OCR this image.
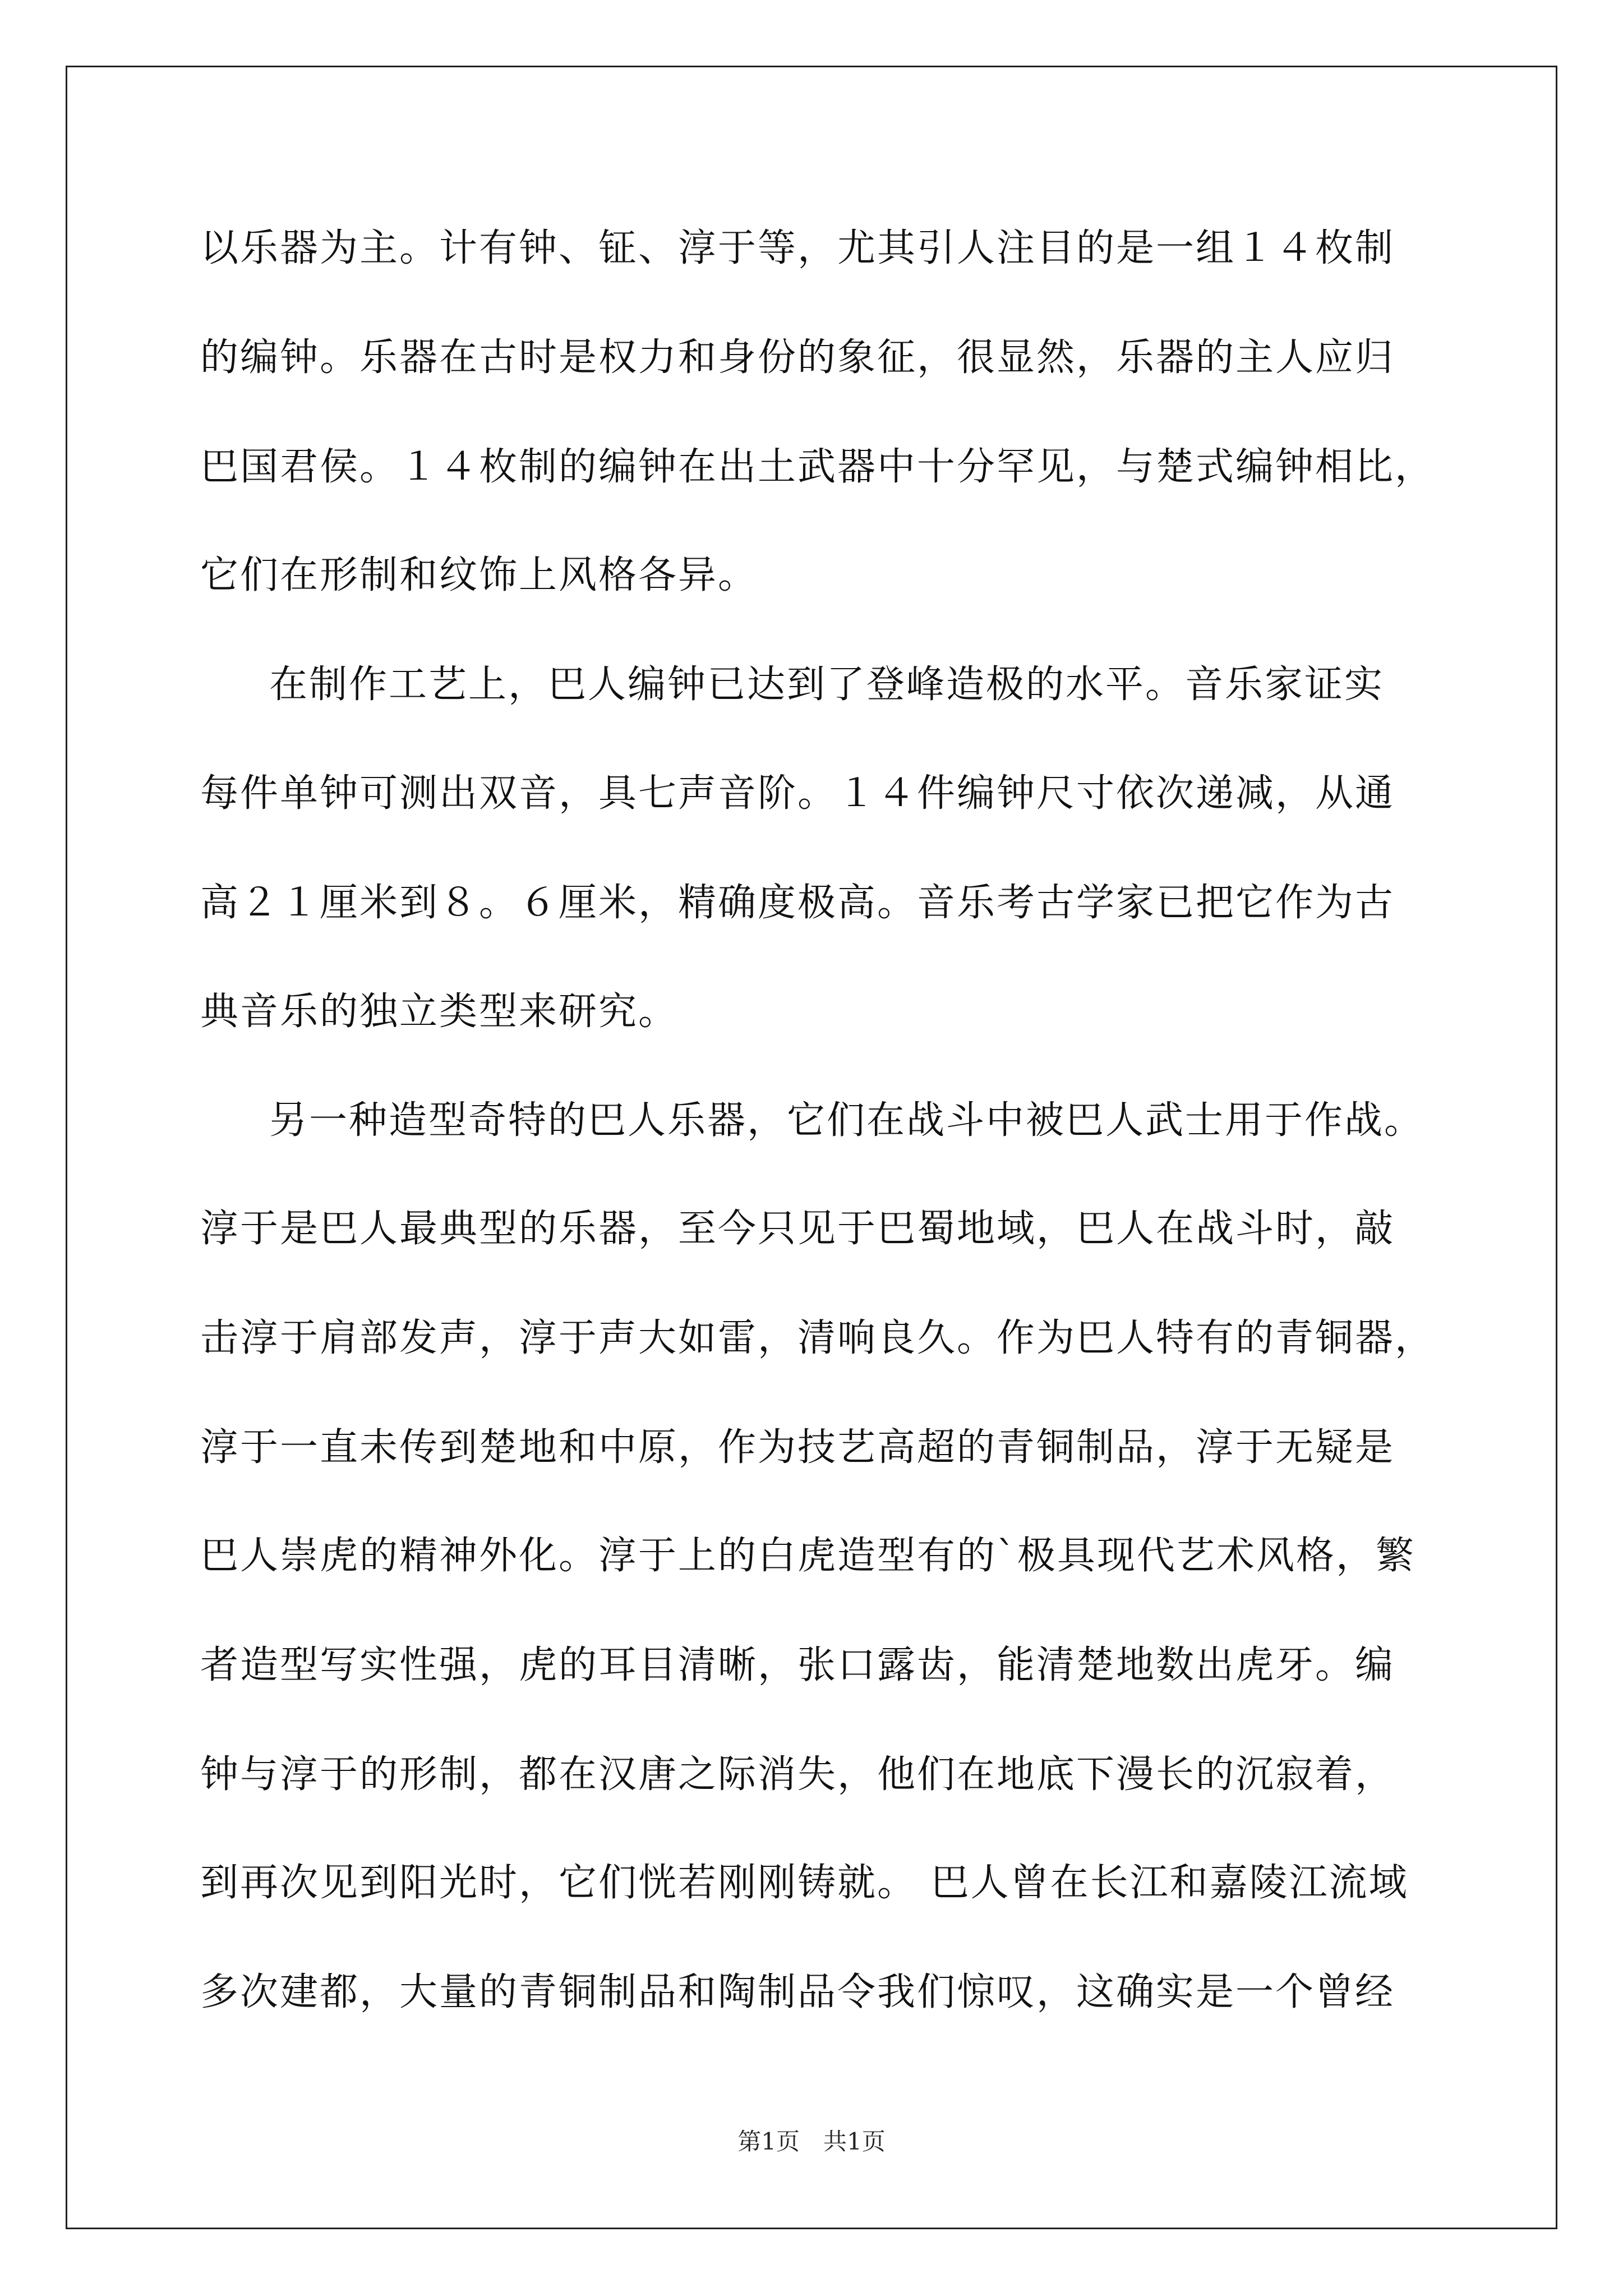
以乐器为主。计有钟、钲、淳于等，尤其引人注目的是一组１４枚制
的编钟。乐器在古时是权力和身份的象征，很显然，乐器的主人应归
巴国君侯。１４枚制的编钟在出土武器中十分罕见，与楚式编钟相比，
它们在形制和纹饰上风格各异。
在制作工艺上，巴人编钟已达到了登峰造极的水平。音乐家证实
每件单钟可测出双音，具七声音阶。１４件编钟尺寸依次递减，从通
高２１厘米到８。６厘米，精确度极高。音乐考古学家已把它作为古
典音乐的独立类型来研究。
另一种造型奇特的巴人乐器，它们在战斗中被巴人武士用于作战。
淳于是巴人最典型的乐器，至今只见于巴蜀地域，巴人在战斗时，敲
击淳于肩部发声，淳于声大如雷，清响良久。作为巴人特有的青铜器，
淳于一直未传到楚地和中原，作为技艺高超的青铜制品，淳于无疑是
巴人崇虎的精神外化。淳于上的白虎造型有的`极具现代艺术风格，繁
者造型写实性强，虎的耳目清晰，张口露齿，能清楚地数出虎牙。编
钟与淳于的形制，都在汉唐之际消失，他们在地底下漫长的沉寂着，
到再次见到阳光时，它们恍若刚刚铸就。 巴人曾在长江和嘉陵江流域
多次建都，大量的青铜制品和陶制品令我们惊叹，这确实是一个曾经
第1页　共1页
